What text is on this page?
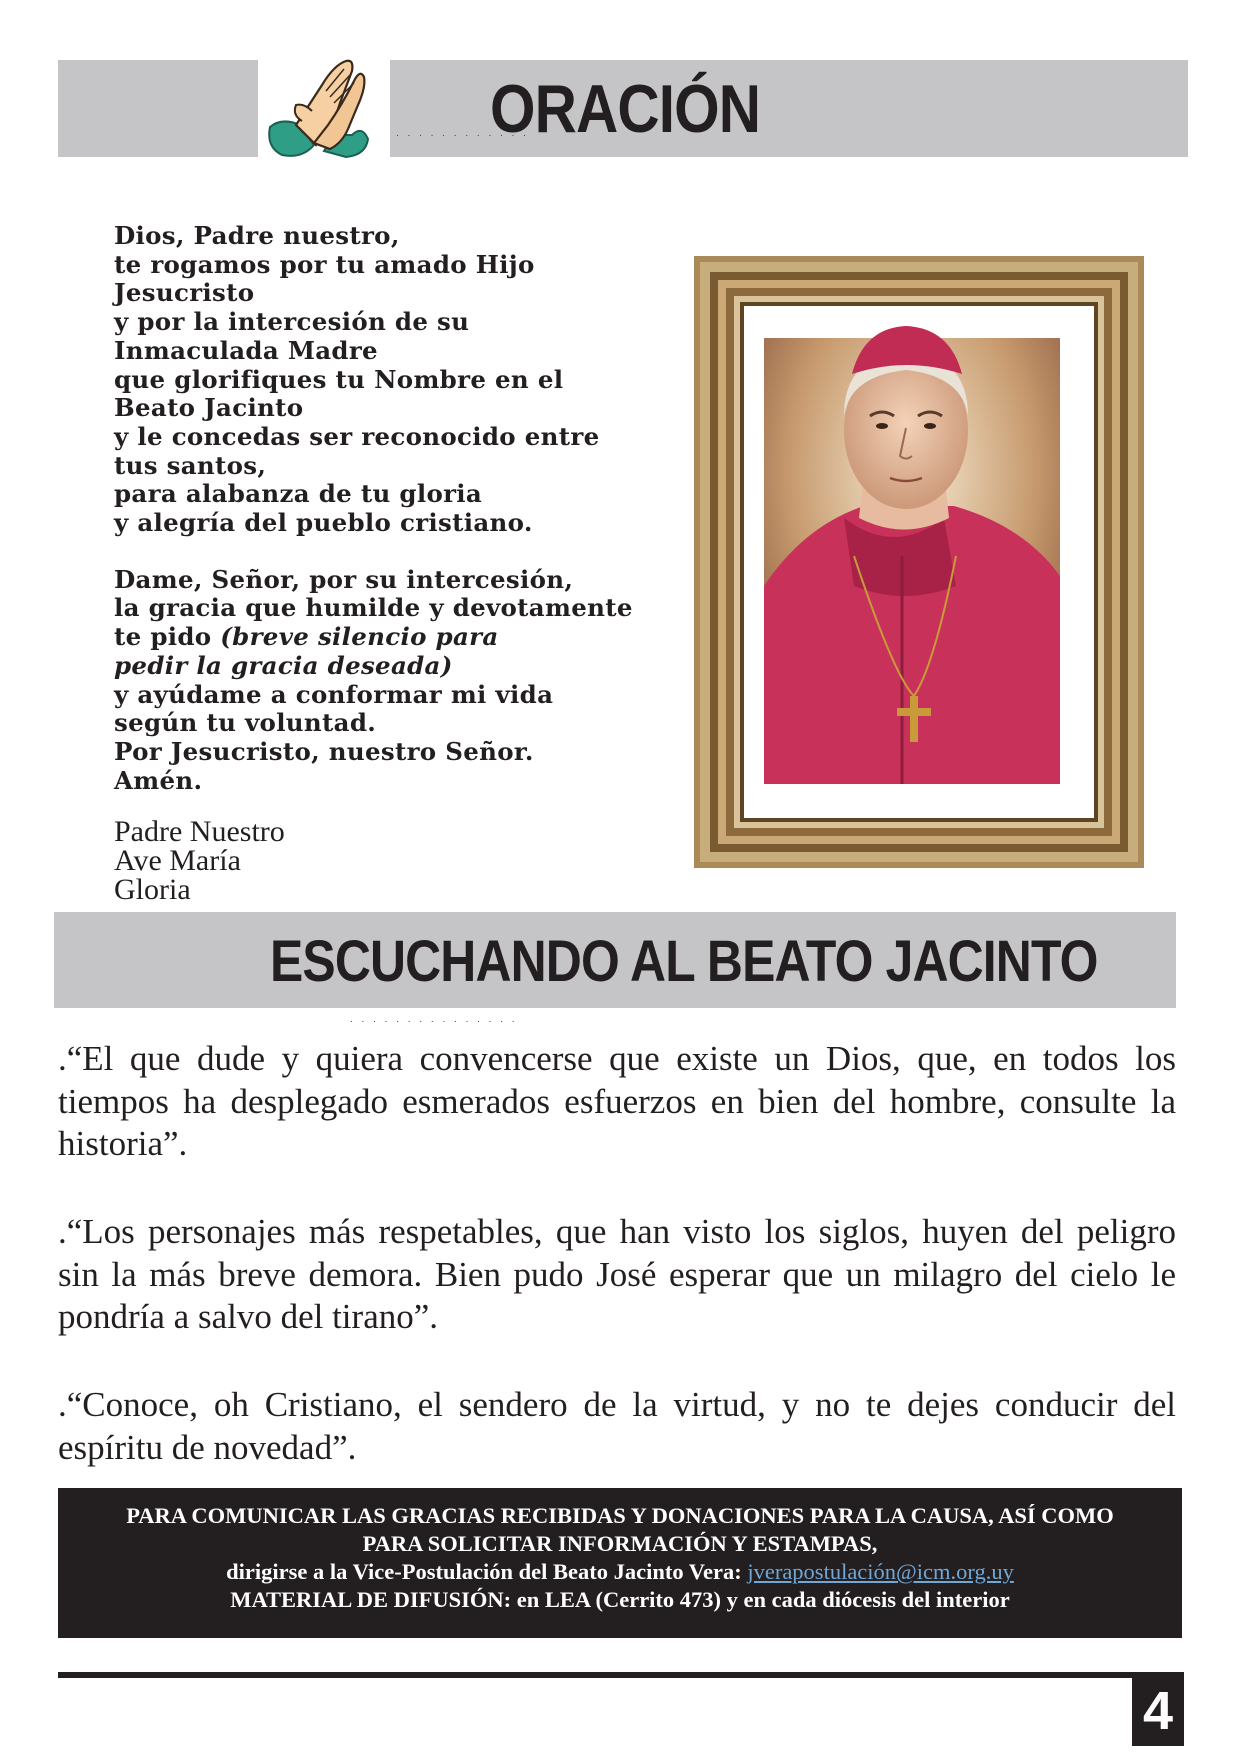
ORACIÓN
. . . . . . . . . . . .
Dios, Padre nuestro,
te rogamos por tu amado Hijo
Jesucristo
y por la intercesión de su
Inmaculada Madre
que glorifiques tu Nombre en el
Beato Jacinto
y le concedas ser reconocido entre
tus santos,
para alabanza de tu gloria
y alegría del pueblo cristiano.
Dame, Señor, por su intercesión,
la gracia que humilde y devotamente
te pido (breve silencio para
pedir la gracia deseada)
y ayúdame a conformar mi vida
según tu voluntad.
Por Jesucristo, nuestro Señor.
Amén.
Padre Nuestro
Ave María
Gloria
ESCUCHANDO AL BEATO JACINTO
. . . . . . . . . . . . . . .
.“El que dude y quiera convencerse que existe un Dios, que, en todos los tiempos ha desplegado esmerados esfuerzos en bien del hombre, consulte la historia”.
.“Los personajes más respetables, que han visto los siglos, huyen del peligro sin la más breve demora. Bien pudo José esperar que un milagro del cielo le pondría a salvo del tirano”.
.“Conoce, oh Cristiano, el sendero de la virtud, y no te dejes conducir del espíritu de novedad”.
PARA COMUNICAR LAS GRACIAS RECIBIDAS Y DONACIONES PARA LA CAUSA, ASÍ COMO
PARA SOLICITAR INFORMACIÓN Y ESTAMPAS,
dirigirse a la Vice-Postulación del Beato Jacinto Vera: jverapostulación@icm.org.uy
MATERIAL DE DIFUSIÓN: en LEA (Cerrito 473) y en cada diócesis del interior
4
